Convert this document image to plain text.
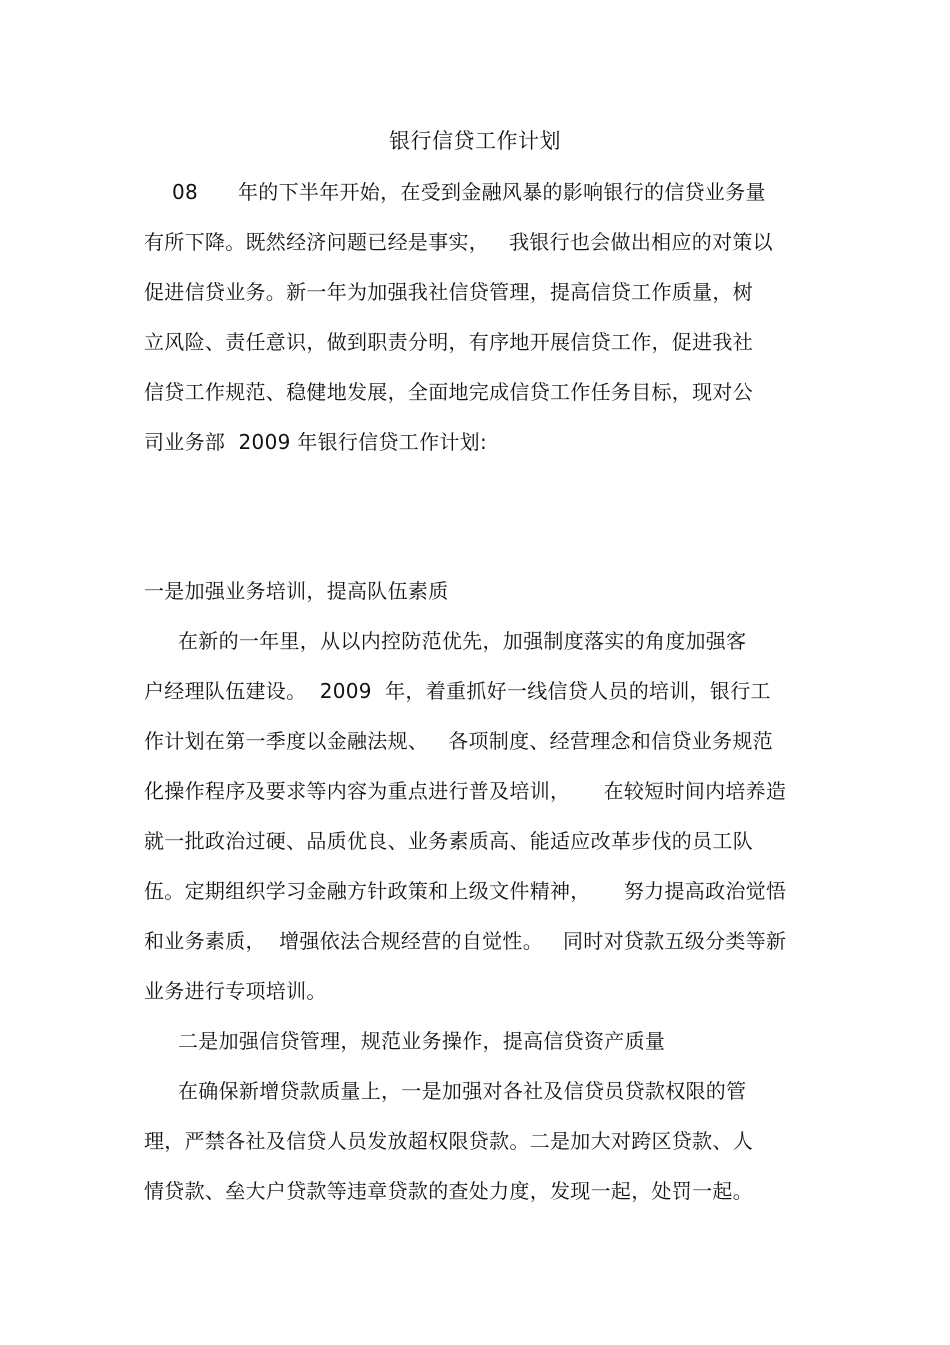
银行信贷工作计划
08      年的下半年开始，在受到金融风暴的影响银行的信贷业务量
有所下降。既然经济问题已经是事实，   我银行也会做出相应的对策以
促进信贷业务。新一年为加强我社信贷管理，提高信贷工作质量，树
立风险、责任意识，做到职责分明，有序地开展信贷工作，促进我社
信贷工作规范、稳健地发展，全面地完成信贷工作任务目标，现对公
司业务部  2009 年银行信贷工作计划:
一是加强业务培训，提高队伍素质
在新的一年里，从以内控防范优先，加强制度落实的角度加强客
户经理队伍建设。  2009  年，着重抓好一线信贷人员的培训，银行工
作计划在第一季度以金融法规、   各项制度、经营理念和信贷业务规范
化操作程序及要求等内容为重点进行普及培训，     在较短时间内培养造
就一批政治过硬、品质优良、业务素质高、能适应改革步伐的员工队
伍。定期组织学习金融方针政策和上级文件精神，     努力提高政治觉悟
和业务素质，  增强依法合规经营的自觉性。   同时对贷款五级分类等新
业务进行专项培训。
二是加强信贷管理，规范业务操作，提高信贷资产质量
在确保新增贷款质量上，一是加强对各社及信贷员贷款权限的管
理，严禁各社及信贷人员发放超权限贷款。二是加大对跨区贷款、人
情贷款、垒大户贷款等违章贷款的查处力度，发现一起，处罚一起。
